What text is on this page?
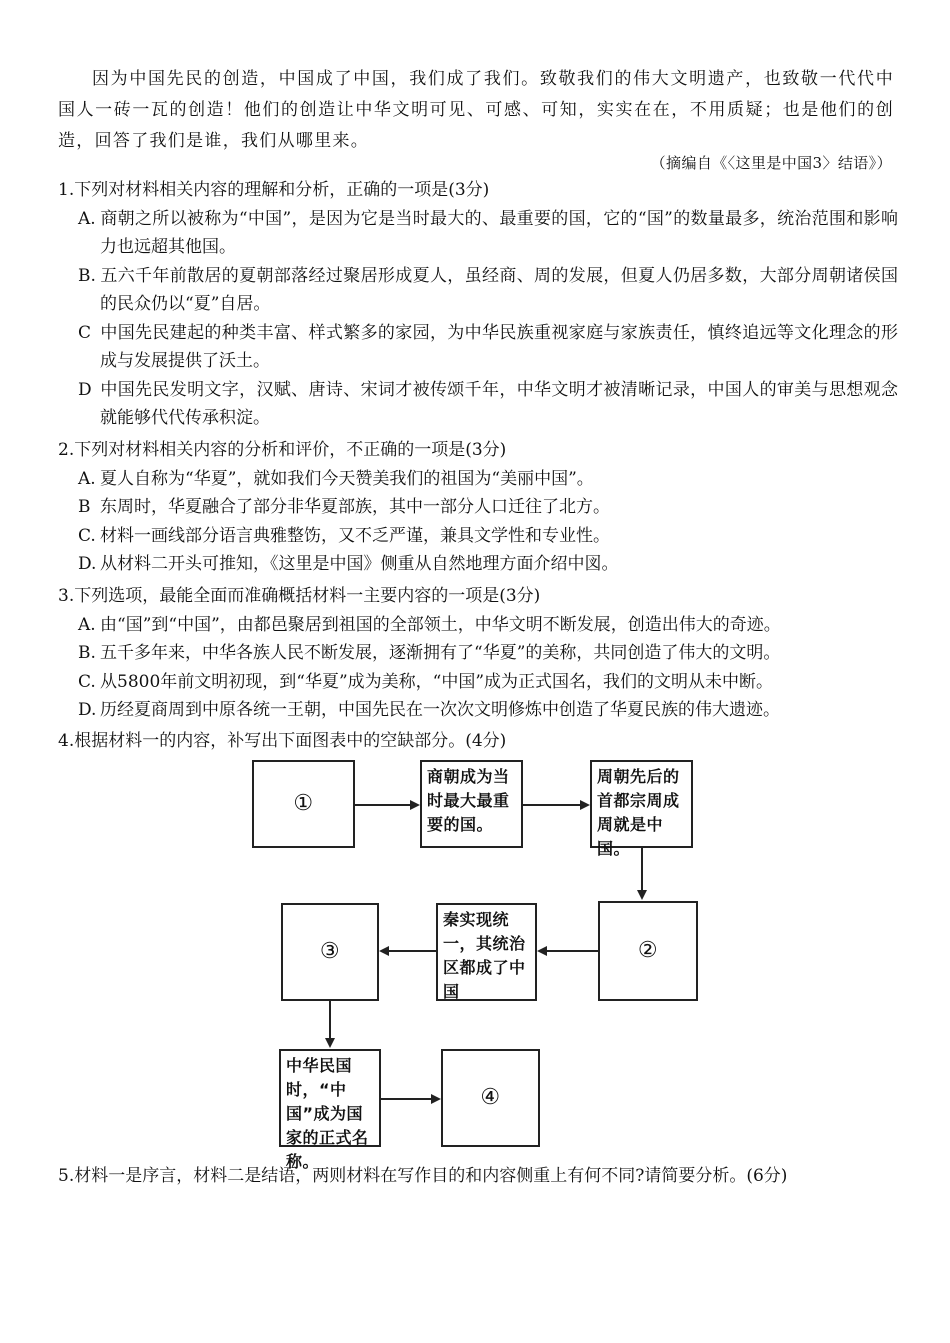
因为中国先民的创造，中国成了中国，我们成了我们。致敬我们的伟大文明遗产，也致敬一代代中国人一砖一瓦的创造！他们的创造让中华文明可见、可感、可知，实实在在，不用质疑；也是他们的创造，回答了我们是谁，我们从哪里来。
（摘编自《〈这里是中国3〉结语》）
1.下列对材料相关内容的理解和分析，正确的一项是(3分)
A. 商朝之所以被称为“中国”，是因为它是当时最大的、最重要的国，它的“国”的数量最多，统治范围和影响力也远超其他国。
B. 五六千年前散居的夏朝部落经过聚居形成夏人，虽经商、周的发展，但夏人仍居多数，大部分周朝诸侯国的民众仍以“夏”自居。
C 中国先民建起的种类丰富、样式繁多的家园，为中华民族重视家庭与家族责任，慎终追远等文化理念的形成与发展提供了沃土。
D 中国先民发明文字，汉赋、唐诗、宋词才被传颂千年，中华文明才被清晰记录，中国人的审美与思想观念就能够代代传承积淀。
2.下列对材料相关内容的分析和评价，不正确的一项是(3分)
A. 夏人自称为“华夏”，就如我们今天赞美我们的祖国为“美丽中国”。
B 东周时，华夏融合了部分非华夏部族，其中一部分人口迁往了北方。
C. 材料一画线部分语言典雅整饬，又不乏严谨，兼具文学性和专业性。
D. 从材料二开头可推知，《这里是中国》侧重从自然地理方面介绍中図。
3.下列选项，最能全面而准确概括材料一主要内容的一项是(3分)
A. 由“国”到“中国”，由都邑聚居到祖国的全部领土，中华文明不断发展，创造出伟大的奇迹。
B. 五千多年来，中华各族人民不断发展，逐渐拥有了“华夏”的美称，共同创造了伟大的文明。
C. 从5800年前文明初现，到“华夏”成为美称，“中国”成为正式国名，我们的文明从未中断。
D. 历经夏商周到中原各统一王朝，中国先民在一次次文明修炼中创造了华夏民族的伟大遗迹。
4.根据材料一的内容，补写出下面图表中的空缺部分。(4分)
①
商朝成为当时最大最重要的国。
周朝先后的首都宗周成周就是中国。
②
秦实现统一，其统治区都成了中国
③
中华民国时，“中国”成为国家的正式名称。
④
5.材料一是序言，材料二是结语，两则材料在写作目的和内容侧重上有何不同?请简要分析。(6分)
